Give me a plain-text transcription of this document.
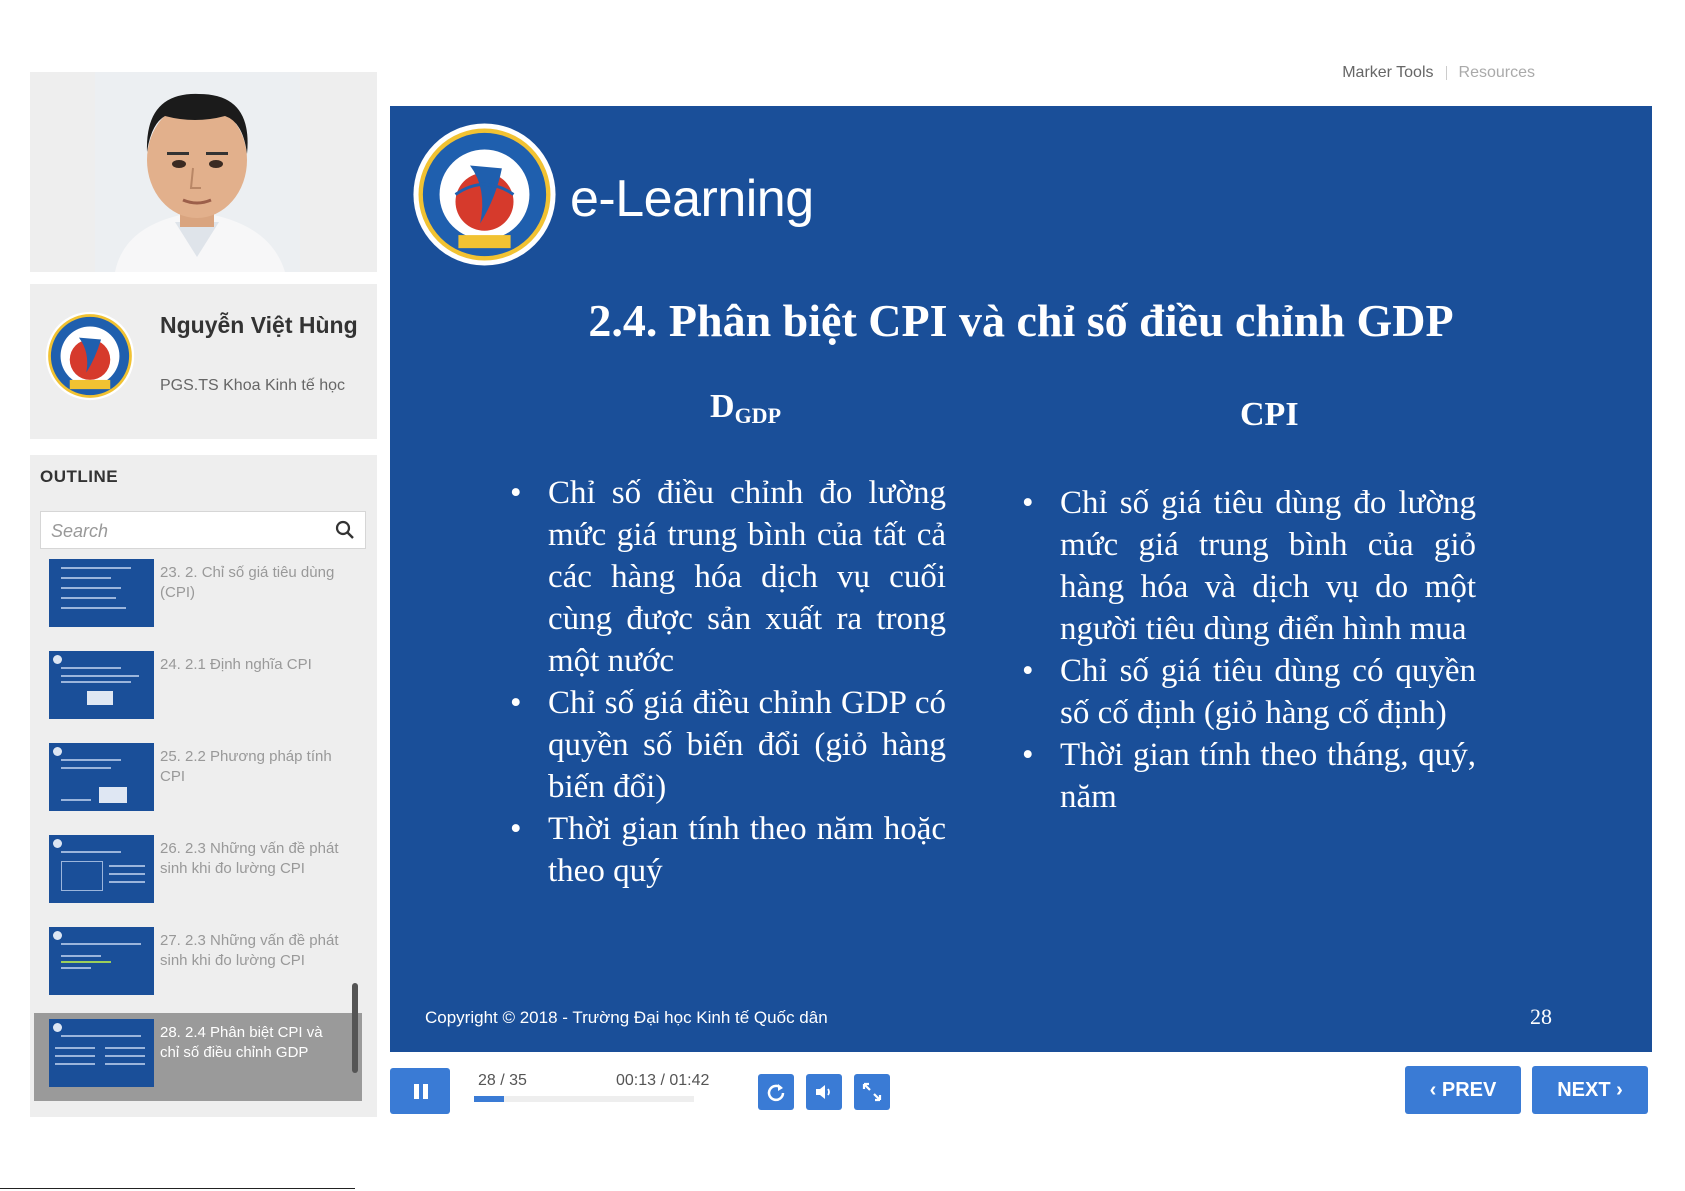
Nguyễn Việt Hùng
PGS.TS Khoa Kinh tế học
OUTLINE
Search
23. 2. Chỉ số giá tiêu dùng (CPI)
24. 2.1 Định nghĩa CPI
25. 2.2 Phương pháp tính CPI
26. 2.3 Những vấn đề phát sinh khi đo lường CPI
27. 2.3 Những vấn đề phát sinh khi đo lường CPI
28. 2.4 Phân biệt CPI và chỉ số điều chỉnh GDP
Marker Tools Resources
e-Learning
2.4. Phân biệt CPI và chỉ số điều chỉnh GDP
$D_{GDP}$	CPI
• Chỉ số điều chỉnh đo lường mức giá trung bình của tất cả các hàng hóa dịch vụ cuối cùng được sản xuất ra trong một nước
• Chỉ số giá điều chỉnh GDP có quyền số biến đổi (giỏ hàng biến đổi)
• Thời gian tính theo năm hoặc theo quý
• Chỉ số giá tiêu dùng đo lường mức giá trung bình của giỏ hàng hóa và dịch vụ do một người tiêu dùng điển hình mua
• Chỉ số giá tiêu dùng có quyền số cố định (giỏ hàng cố định)
• Thời gian tính theo tháng, quý, năm
Copyright © 2018 - Trường Đại học Kinh tế Quốc dân	28
28 / 35	00:13 / 01:42	‹ PREV	NEXT ›
